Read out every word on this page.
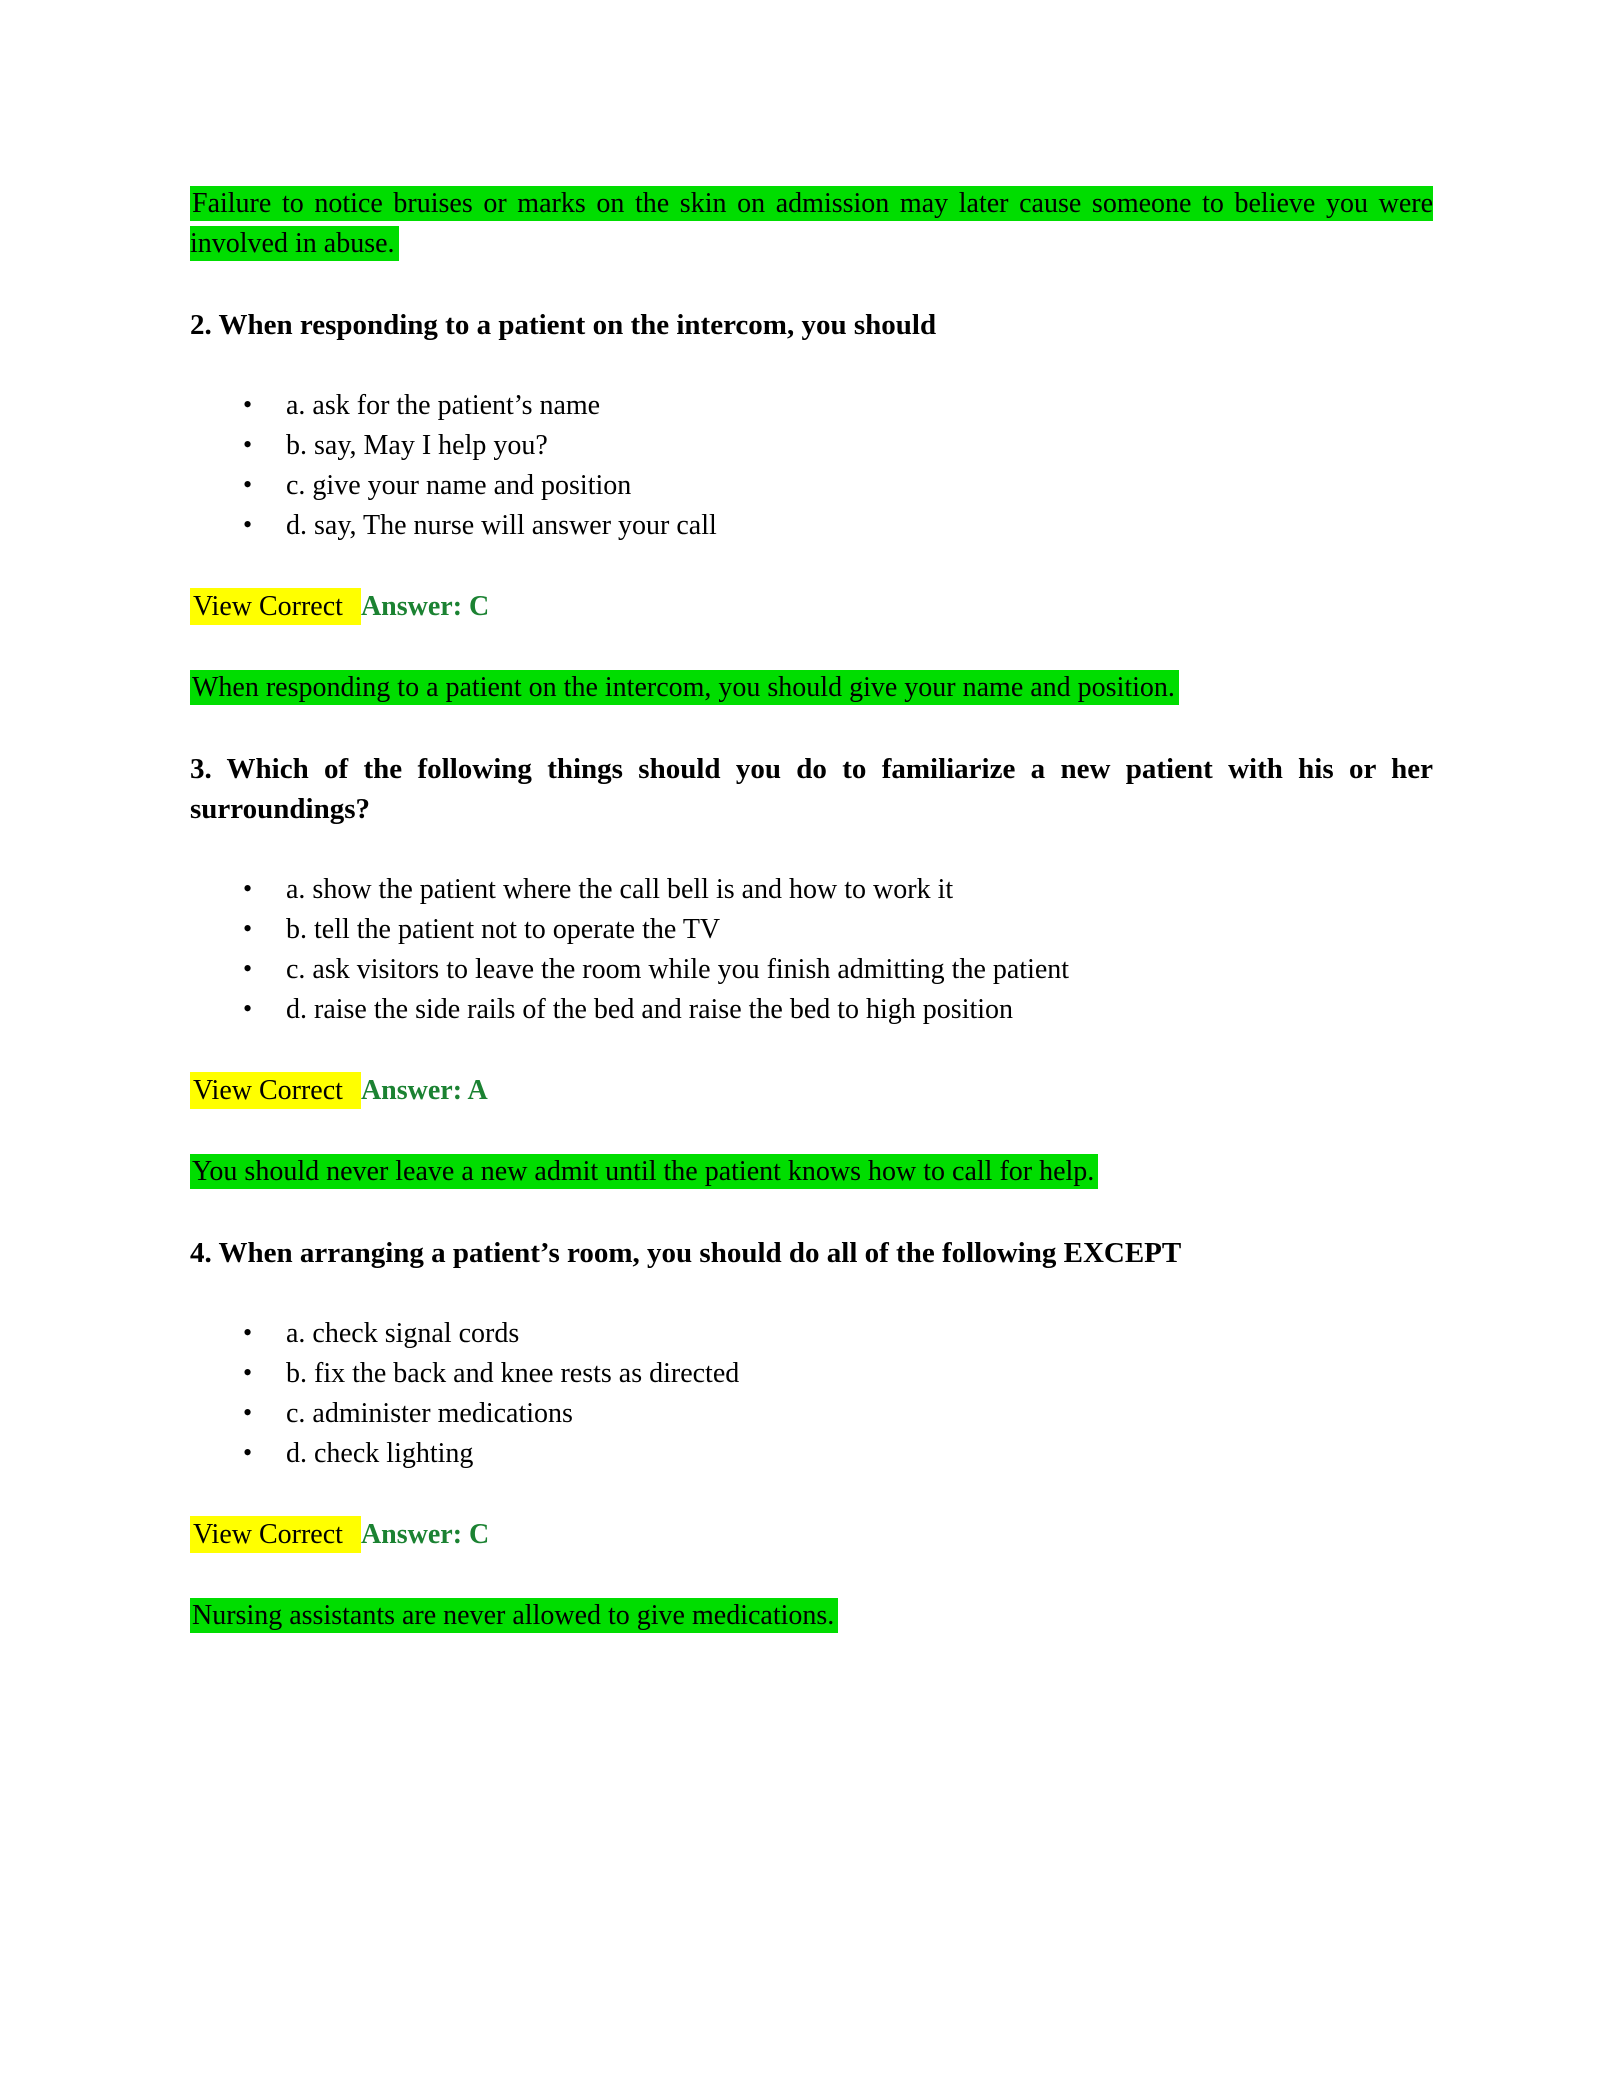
Failure to notice bruises or marks on the skin on admission may later cause someone to believe you were involved in abuse.

2. When responding to a patient on the intercom, you should
• a. ask for the patient’s name
• b. say, May I help you?
• c. give your name and position
• d. say, The nurse will answer your call

View Correct Answer: C

When responding to a patient on the intercom, you should give your name and position.

3. Which of the following things should you do to familiarize a new patient with his or her surroundings?
• a. show the patient where the call bell is and how to work it
• b. tell the patient not to operate the TV
• c. ask visitors to leave the room while you finish admitting the patient
• d. raise the side rails of the bed and raise the bed to high position

View Correct Answer: A

You should never leave a new admit until the patient knows how to call for help.

4. When arranging a patient’s room, you should do all of the following EXCEPT
• a. check signal cords
• b. fix the back and knee rests as directed
• c. administer medications
• d. check lighting

View Correct Answer: C

Nursing assistants are never allowed to give medications.
